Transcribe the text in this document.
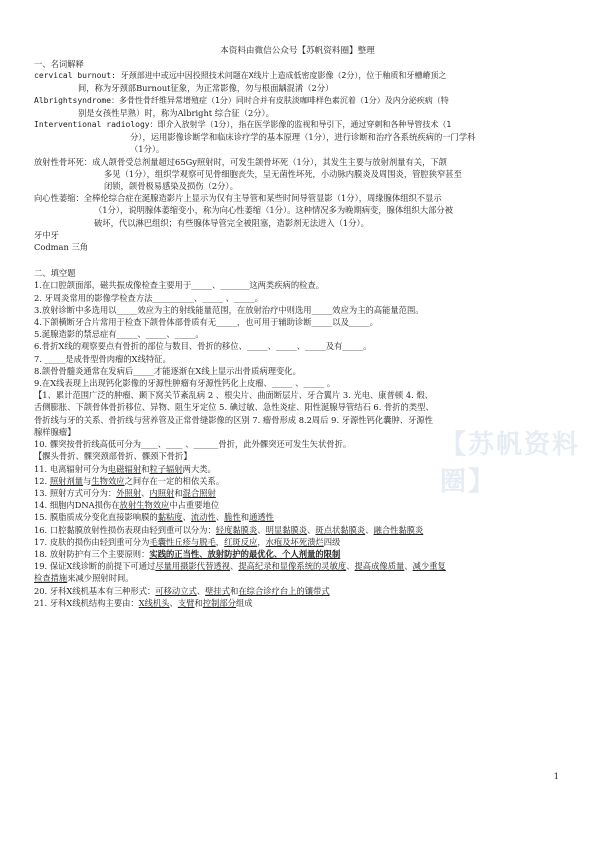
本资料由微信公众号【苏帆资料圈】整理
【苏帆资料圈】

一、名词解释

cervical burnout: 牙颈部进中或远中因投照技术问题在X线片上造成低密度影像（2分），位于釉质和牙槽嵴顶之

间，称为牙颈部Burnout征象，为正常影像，勿与根面龋混淆（2分）

Albrightsyndrome：多骨性骨纤维异常增殖症（1分）同时合并有皮肤淡咖啡样色素沉着（1分）及内分泌疾病（特

别是女孩性早熟）时，称为Albright 综合征（2分）。

Interventional radiology：即介入放射学（1分），指在医学影像的监视和导引下，通过穿刺和各种导管技术（1

分），运用影像诊断学和临床诊疗学的基本原理（1分），进行诊断和治疗各系统疾病的一门学科

（1分）。

放射性骨坏死：成人颌骨受总剂量超过65Gy照射时，可发生颌骨坏死（1分），其发生主要与放射剂量有关，下颌

多见（1分），组织学观察可见骨细胞丧失，呈无菌性坏死，小动脉内膜炎及周围炎，管腔狭窄甚至

闭锁，颌骨极易感染及损伤（2分）。

向心性萎缩：全棒伦综合症在涎腺造影片上显示为仅有主导管和某些时间导管显影（1分），周缘腺体组织不显示

（1分），说明腺体萎缩变小，称为向心性萎缩（1分）。这种情况多为晚期病变，腺体组织大部分被

破坏，代以淋巴组织；有些腺体导管完全被阻塞，造影剂无法进入（1分）。

牙中牙

Codman 三角

二、填空题

1.在口腔颌面部，磁共振成像检查主要用于_____、_______这两类疾病的检查。

2. 牙周炎常用的影像学检查方法__________、_____ 、_____。

3.放射诊断中多选用以_____效应为主的射线能量范围，在放射治疗中则选用_____效应为主的高能量范围。

4.下颌横断牙合片常用于检查下颌骨体部骨质有无_____，也可用于辅助诊断_____以及_____。

5.涎腺造影的禁忌症有_____、_____、_____。

6.骨折X线的观察要点有骨折的部位与数目、骨折的移位、_____、_____、_____及有_____。

7. _____是成骨型骨肉瘤的X线特征。

8.颌骨骨髓炎通常在发病后_____才能逐渐在X线上显示出骨质病理变化。

9.在X线表现上出现钙化影像的牙源性肿瘤有牙源性钙化上皮瘤、_____ 、_____ 。

【1、累计范围广泛的肿瘤、颞下窝关节紊乱病 2 、根尖片、曲面断层片、牙合翼片 3. 光电、康普顿 4. 煅、

舌侧膨胀、下颌骨体骨折移位、异物、阻生牙定位 5. 碘过敏、急性炎症、阳性涎腺导管结石 6. 骨折的类型、

骨折线与牙的关系、骨折线与营养管及正常骨缝影像的区别 7. 瘤骨形成 8.2周后 9. 牙源性钙化囊肿、牙源性

腺样腺瘤】

10. 髁突按骨折线高低可分为____、____ 、______骨折，此外髁突还可发生矢状骨折。

【髁头骨折、髁突颈部骨折、髁颈下骨折】

11. 电离辐射可分为电磁辐射和粒子辐射两大类。

12. 照射剂量与生物效应之间存在一定的相依关系。

13. 照射方式可分为：外照射、内照射和混合照射

14. 细胞内DNA损伤在放射生物效应中占重要地位

15. 膜脂质成分变化直接影响膜的黏粘度、流动性、脆性和通透性

16. 口腔黏膜放射性损伤表现由轻到重可以分为：轻度黏膜炎、明显黏膜炎、斑点状黏膜炎、融合性黏膜炎

17. 皮肤的损伤由轻到重可分为毛囊性丘疹与脱毛，红斑反应，水疱及坏死溃烂四级

18. 放射防护有三个主要原则：实践的正当性、放射防护的最优化、个人剂量的限制

19. 保证X线诊断的前提下可通过尽量用摄影代替透视、提高纪录和显像系统的灵敏度、提高成像质量、减少重复

检查措施来减少照射时间。

20. 牙科X线机基本有三种形式：可移动立式、壁挂式和在综合诊疗台上的镶带式

21. 牙科X线机结构主要由：X线机头、支臂和控制部分组成

1
